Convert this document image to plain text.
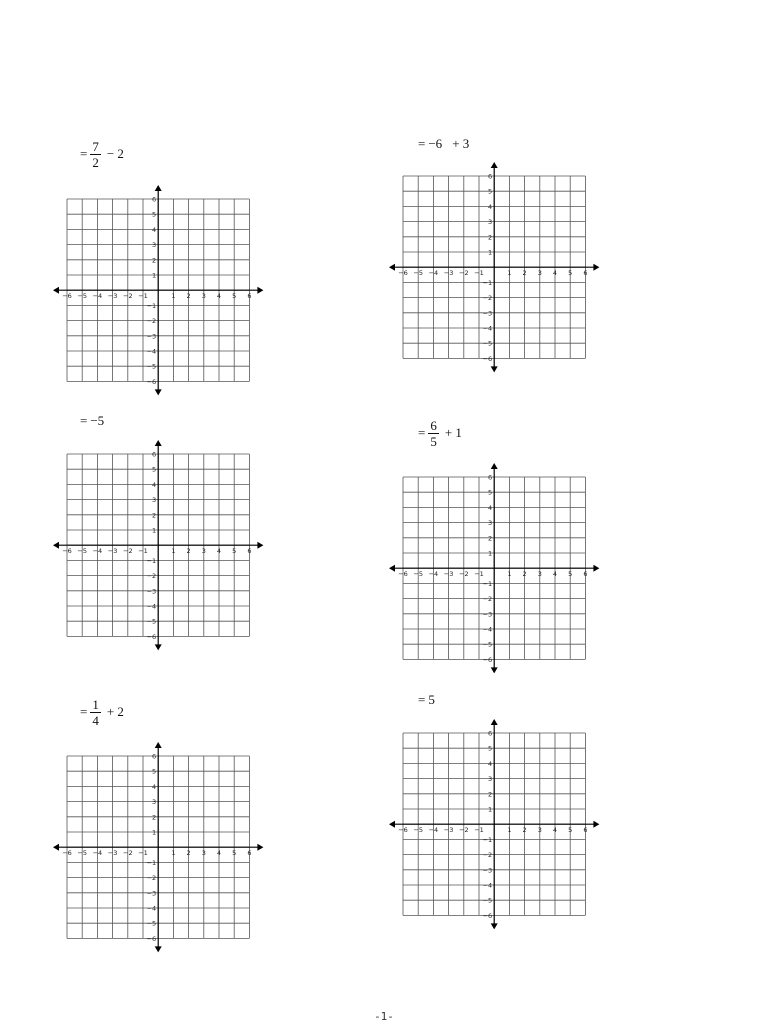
= $\frac{7}{2} - 2$
−6 −5 −4 −3 −2 −1	1 2 3 4 5 6
6
5
4
3
2
1
−1
−2
−3
−4
−5
−6
= −6 + 3
−6 −5 −4 −3 −2 −1	1 2 3 4 5 6
6
5
4
3
2
1
−1
−2
−3
−4
−5
−6
= −5
−6 −5 −4 −3 −2 −1	1 2 3 4 5 6
6
5
4
3
2
1
−1
−2
−3
−4
−5
−6
= $\frac{6}{5} + 1$
−6 −5 −4 −3 −2 −1	1 2 3 4 5 6
6
5
4
3
2
1
−1
−2
−3
−4
−5
−6
= $\frac{1}{4} + 2$
−6 −5 −4 −3 −2 −1	1 2 3 4 5 6
6
5
4
3
2
1
−1
−2
−3
−4
−5
−6
= 5
−6 −5 −4 −3 −2 −1	1 2 3 4 5 6
6
5
4
3
2
1
−1
−2
−3
−4
−5
−6
-1-
